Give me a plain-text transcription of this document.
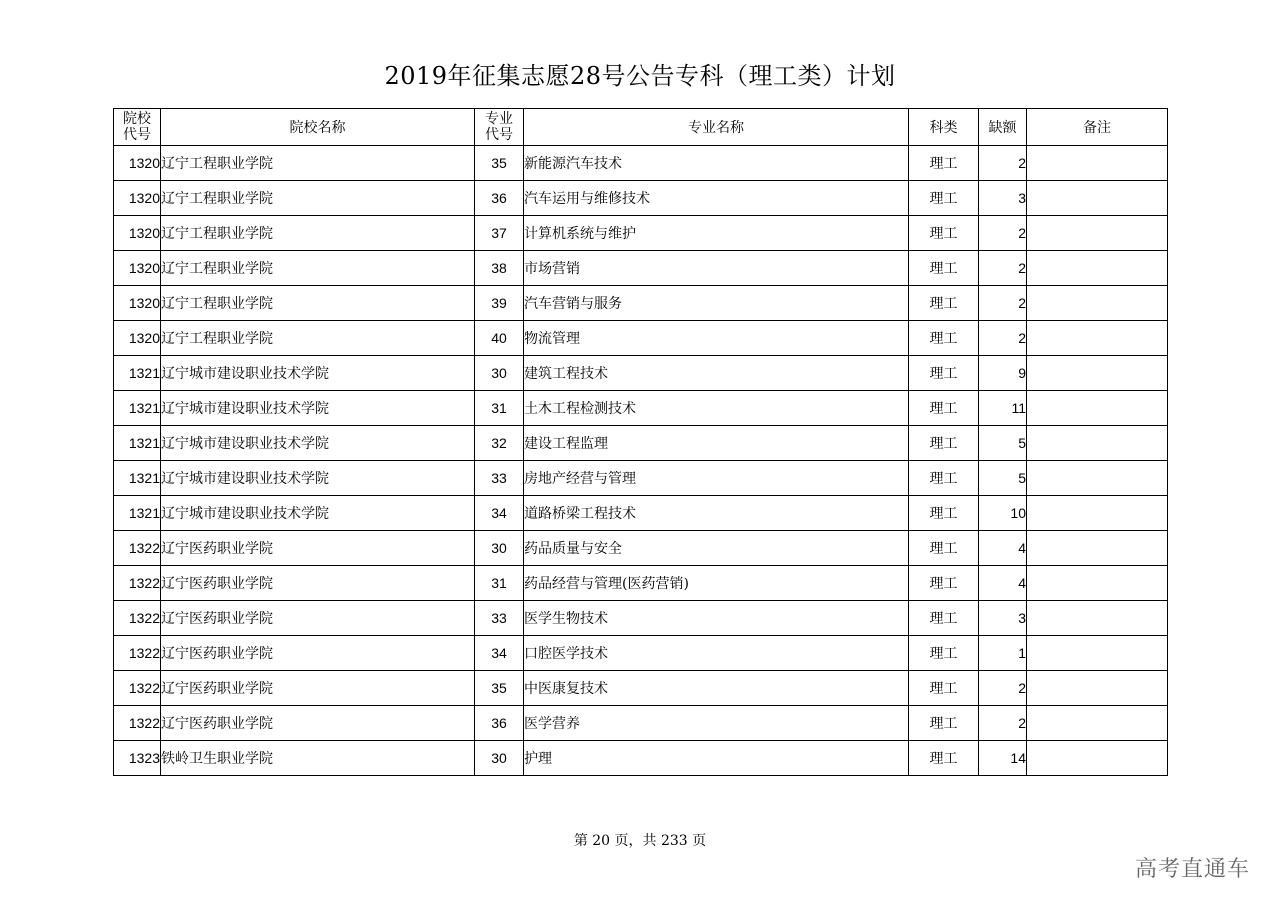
2019年征集志愿28号公告专科（理工类）计划
院校
代号	院校名称	专业
代号	专业名称	科类	缺额	备注
1320	辽宁工程职业学院	35	新能源汽车技术	理工	2	
1320	辽宁工程职业学院	36	汽车运用与维修技术	理工	3	
1320	辽宁工程职业学院	37	计算机系统与维护	理工	2	
1320	辽宁工程职业学院	38	市场营销	理工	2	
1320	辽宁工程职业学院	39	汽车营销与服务	理工	2	
1320	辽宁工程职业学院	40	物流管理	理工	2	
1321	辽宁城市建设职业技术学院	30	建筑工程技术	理工	9	
1321	辽宁城市建设职业技术学院	31	土木工程检测技术	理工	11	
1321	辽宁城市建设职业技术学院	32	建设工程监理	理工	5	
1321	辽宁城市建设职业技术学院	33	房地产经营与管理	理工	5	
1321	辽宁城市建设职业技术学院	34	道路桥梁工程技术	理工	10	
1322	辽宁医药职业学院	30	药品质量与安全	理工	4	
1322	辽宁医药职业学院	31	药品经营与管理(医药营销)	理工	4	
1322	辽宁医药职业学院	33	医学生物技术	理工	3	
1322	辽宁医药职业学院	34	口腔医学技术	理工	1	
1322	辽宁医药职业学院	35	中医康复技术	理工	2	
1322	辽宁医药职业学院	36	医学营养	理工	2	
1323	铁岭卫生职业学院	30	护理	理工	14	
第 20 页，共 233 页
高考直通车
